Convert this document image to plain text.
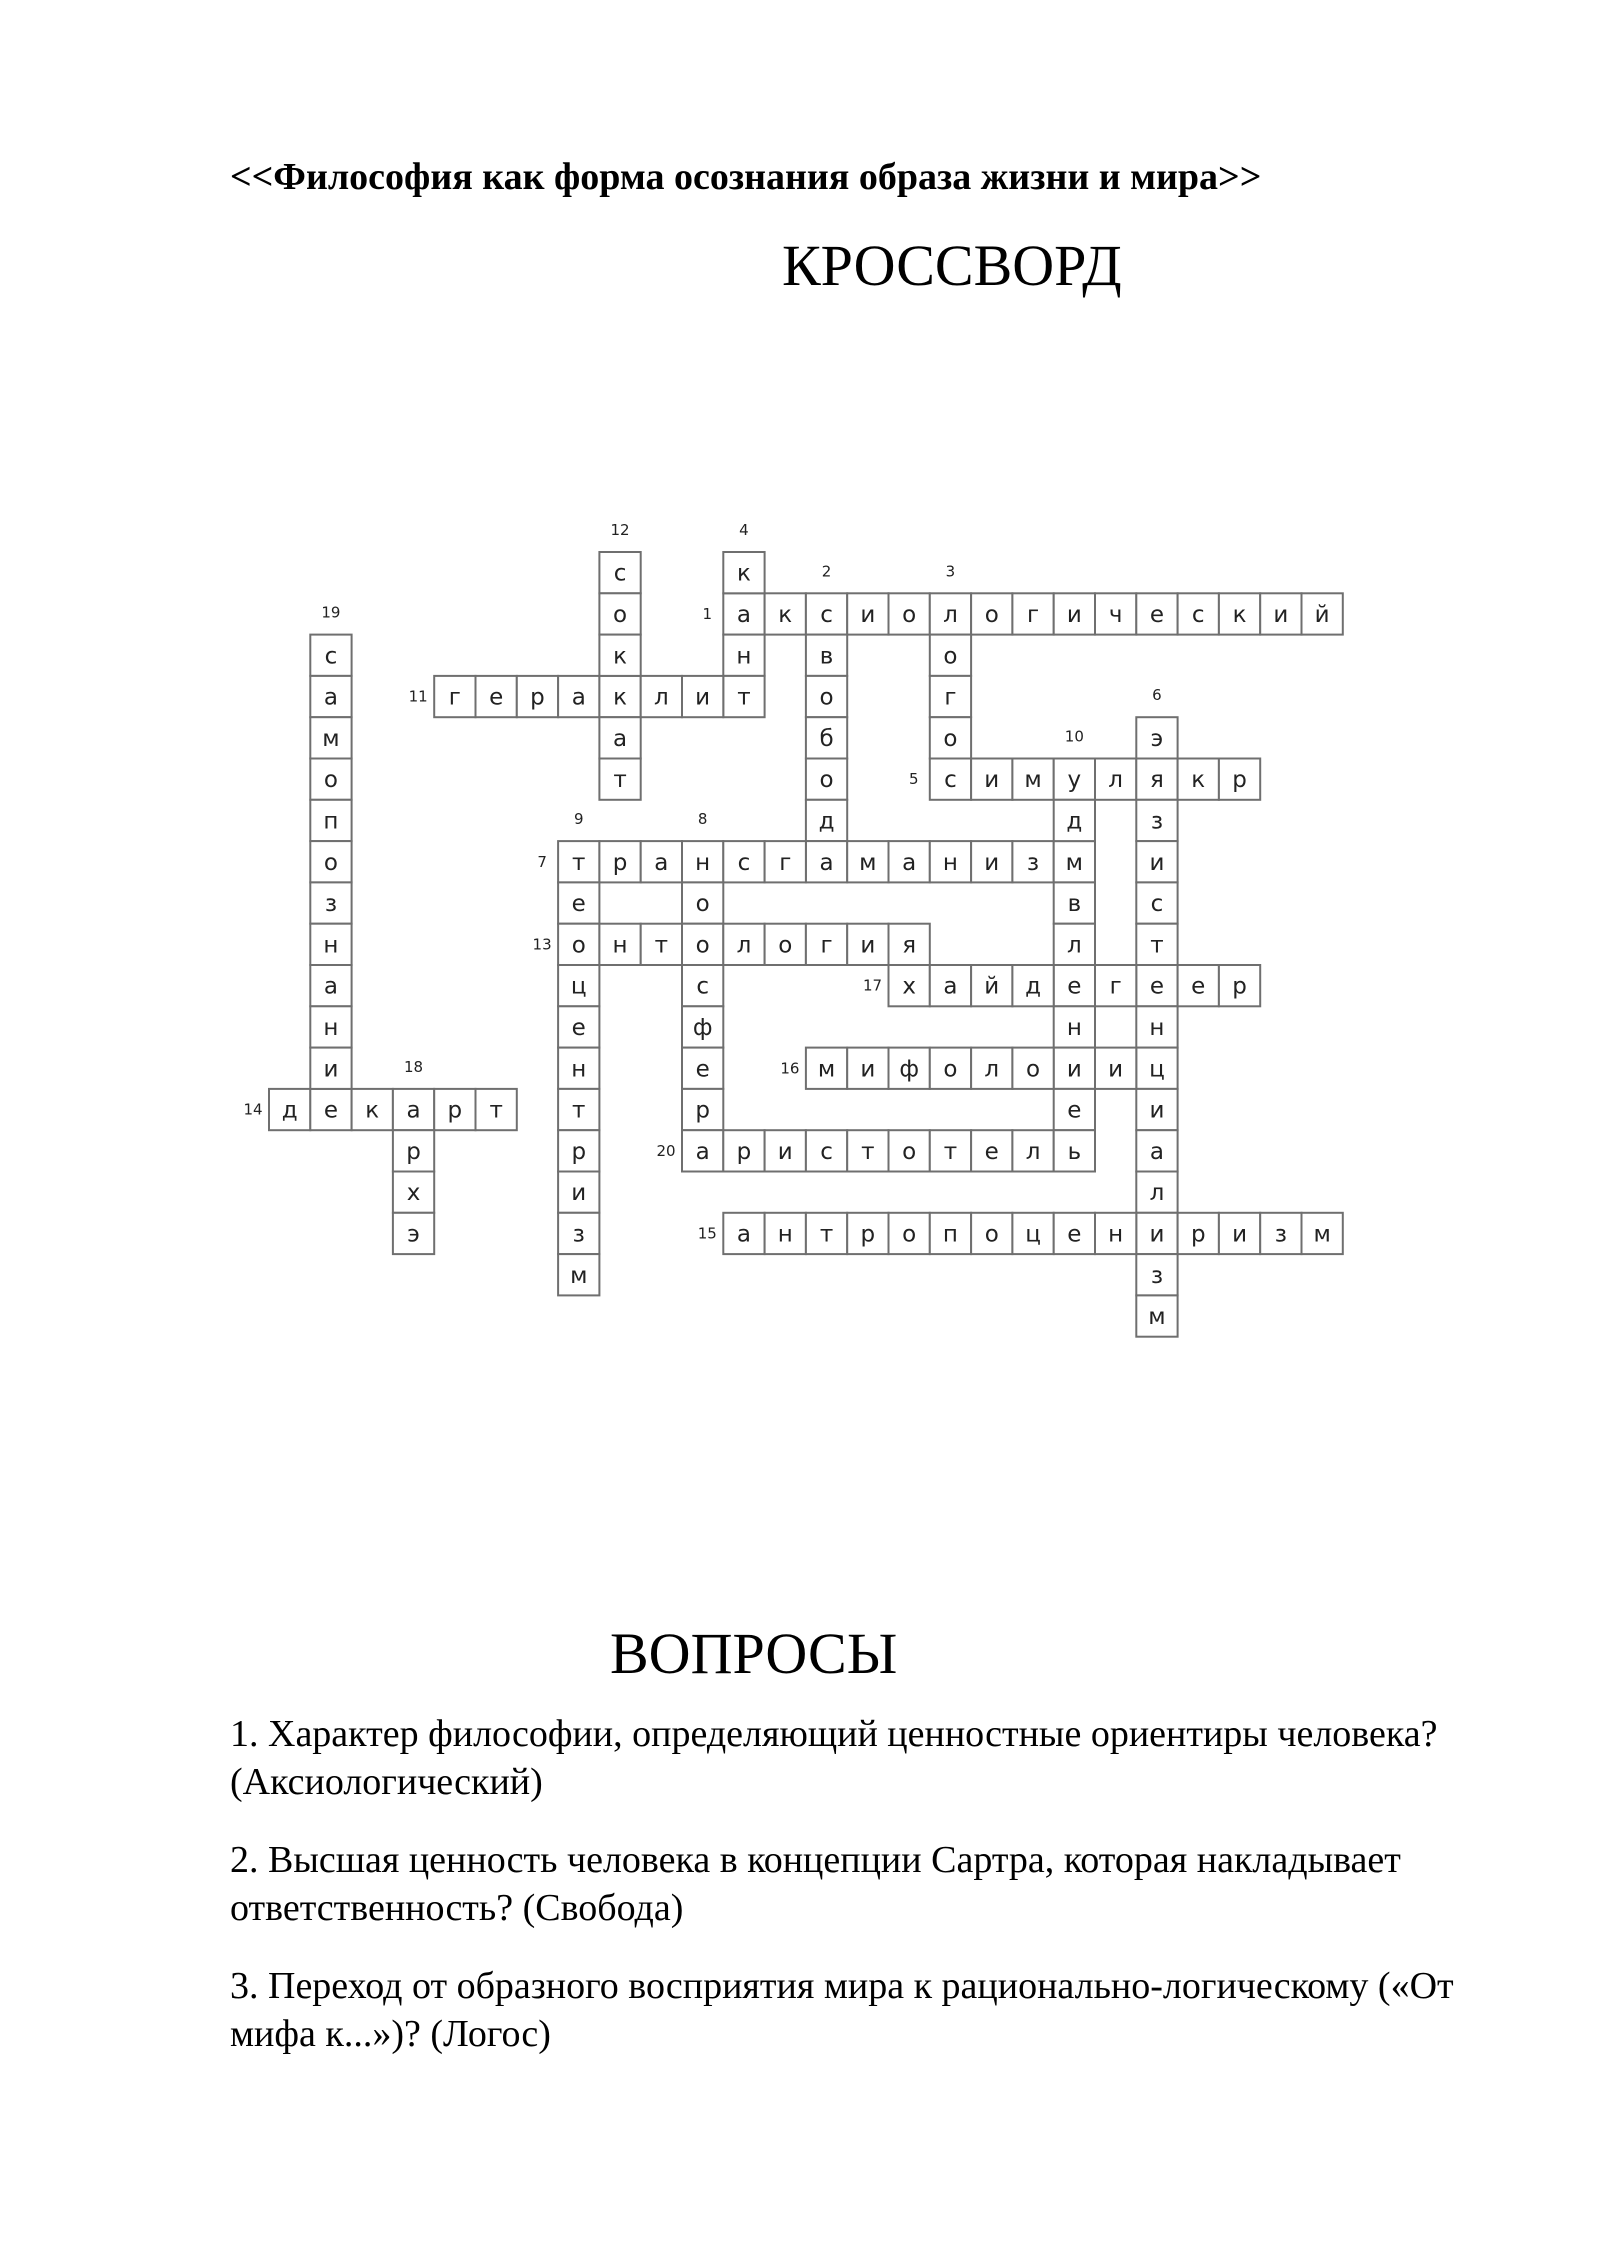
<<Философия как форма осознания образа жизни и мира>>
КРОССВОРД
а к с и о л о г и ч е с к и й
в
о
б
о
д
а
о
г
о
с
к
н
т
и м у л я к р
э
з
и
с
т
е
н
ц
и
а
л
и
з
м
т р а н с г	м а н и з м
о
о
с
ф
е
р
а
е
о
ц
е
н
т
р
и
з
м
д
в
л
е
н
и
е
г е р а к л и
с
о
к
а
т
н т	л о г и я
д е к а р т
а н т р о п о ц е н	р и з м
м и ф о л о	и
х а й д	г	е р
р
х
э
с
а
м
о
п
о
з
н
а
н
и
р и с т о т е л ь
1
2	3
4
5
6
7
8
9
10
11
12
13
14
15
16
17
18
19
20
ВОПРОСЫ

1. Характер философии, определяющий ценностные ориентиры человека? (Аксиологический)

2. Высшая ценность человека в концепции Сартра, которая накладывает ответственность? (Свобода)

3. Переход от образного восприятия мира к рационально-логическому («От мифа к...»)? (Логос)
